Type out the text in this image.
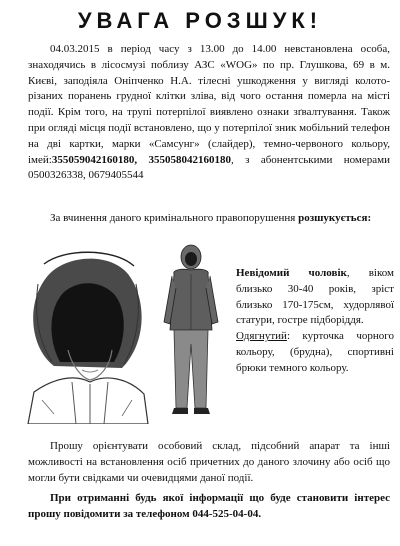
УВАГА РОЗШУК!

04.03.2015 в період часу з 13.00 до 14.00 невстановлена особа, знаходячись в лісосмузі поблизу АЗС «WOG» по пр. Глушкова, 69 в м. Києві, заподіяла Оніпченко Н.А. тілесні ушкодження у вигляді колото-різаних поранень грудної клітки зліва, від чого остання померла на місті події. Крім того, на трупі потерпілої виявлено ознаки зґвалтування. Також при огляді місця події встановлено, що у потерпілої зник мобільний телефон на дві картки, марки «Самсунг» (слайдер), темно-червоного кольору, імей:355059042160180, 355058042160180, з абонентськими номерами 0500326338, 0679405544

За вчинення даного кримінального правопорушення розшукується:

Невідомий чоловік, віком близько 30-40 років, зріст близько 170-175см, худорлявої статури, гостре підборіддя.
Одягнутий: курточка чорного кольору, (брудна), спортивні брюки темного кольору.

Прошу орієнтувати особовий склад, підсобний апарат та інші можливості на встановлення осіб причетних до даного злочину або осіб що могли бути свідками чи очевидцями даної події.

При отриманні будь якої інформації що буде становити інтерес прошу повідомити за телефоном 044-525-04-04.
